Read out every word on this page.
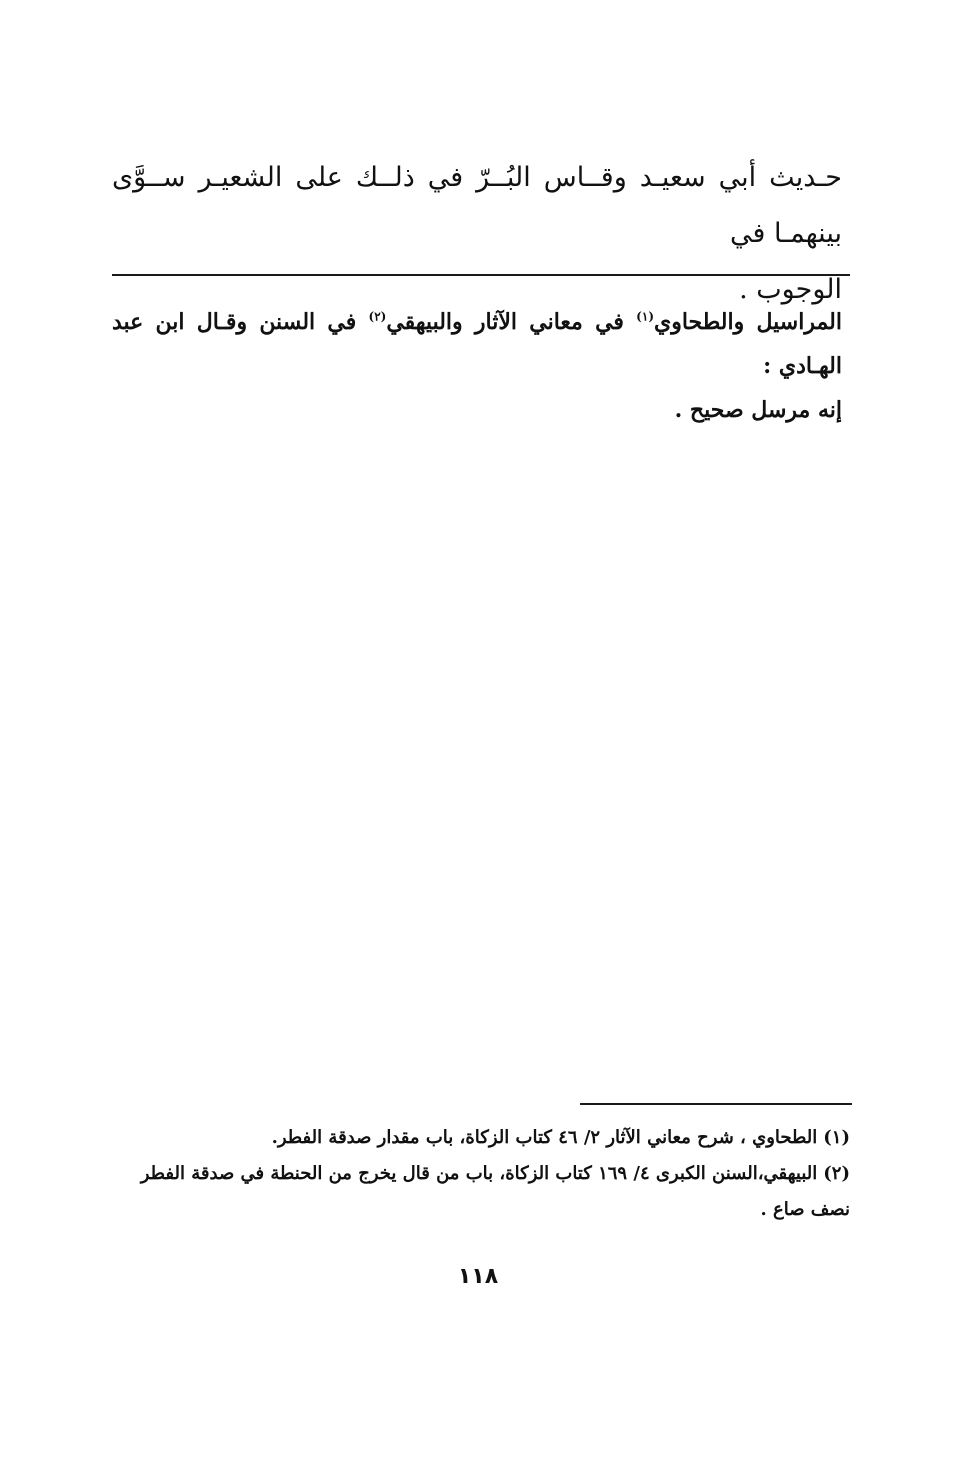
حـديث أبي سعيـد وقــاس البُــرّ في ذلــك على الشعيـر ســوَّى بينهمـا في

الوجوب .

المراسيل والطحاوي$^{(١)}$ في معاني الآثار والبيهقي$^{(٢)}$ في السنن وقـال ابن عبد الهـادي :

إنه مرسل صحيح .

(١)الطحاوي ، شرح معاني الآثار ٢/ ٤٦ كتاب الزكاة، باب مقدار صدقة الفطر.

(٢)البيهقي،السنن الكبرى ٤/ ١٦٩ كتاب الزكاة، باب من قال يخرج من الحنطة في صدقة الفطر نصف صاع .

١١٨
